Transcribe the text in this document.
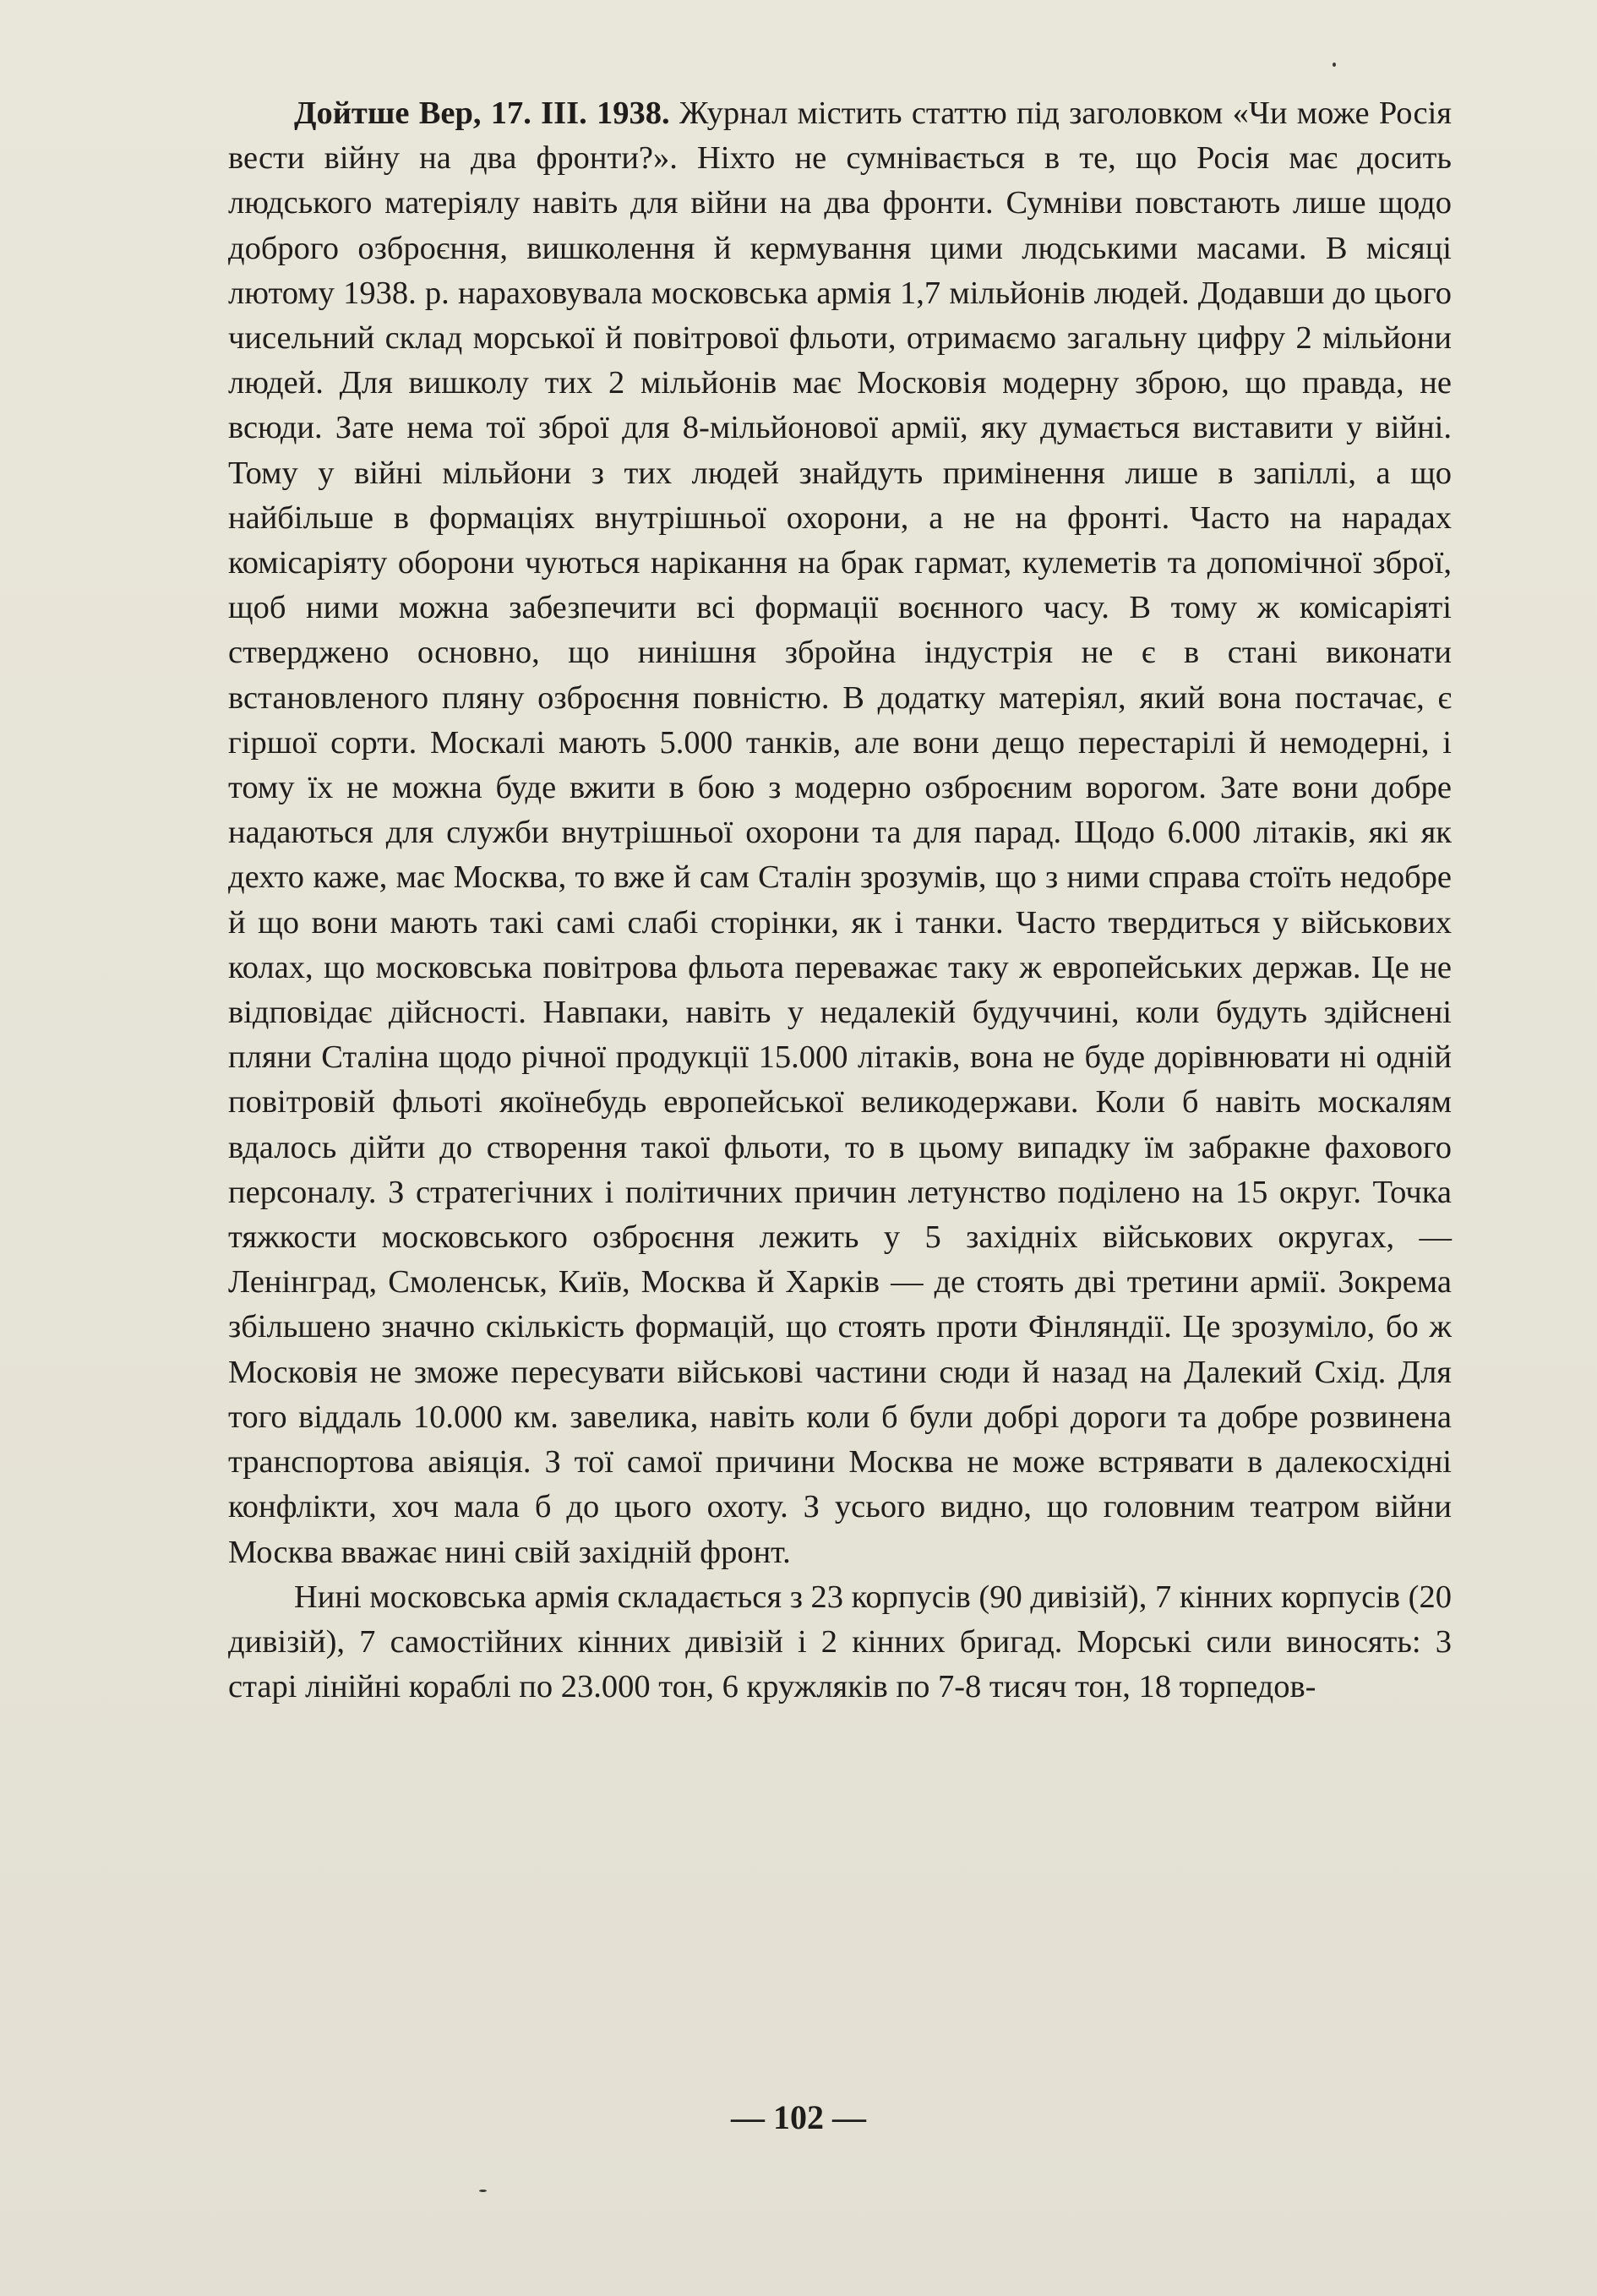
Дойтше Вер, 17. III. 1938. Журнал містить статтю під заголовком «Чи може Росія вести війну на два фронти?». Ніхто не сумнівається в те, що Росія має досить людського матеріялу навіть для війни на два фронти. Сумніви повстають лише щодо доброго озброєння, вишколення й кермування цими людськими масами. В місяці лютому 1938. р. нараховувала московська армія 1,7 мільйонів людей. Додавши до цього чисельний склад морської й повітрової фльоти, отримаємо загальну цифру 2 мільйони людей. Для вишколу тих 2 мільйонів має Московія модерну зброю, що правда, не всюди. Зате нема тої зброї для 8-мільйонової армії, яку думається виставити у війні. Тому у війні мільйони з тих людей знайдуть примінення лише в запіллі, а що найбільше в формаціях внутрішньої охорони, а не на фронті. Часто на нарадах комісаріяту оборони чуються нарікання на брак гармат, кулеметів та допомічної зброї, щоб ними можна забезпечити всі формації воєнного часу. В тому ж комісаріяті стверджено основно, що нинішня збройна індустрія не є в стані виконати встановленого пляну озброєння повністю. В додатку матеріял, який вона постачає, є гіршої сорти. Москалі мають 5.000 танків, але вони дещо перестарілі й немодерні, і тому їх не можна буде вжити в бою з модерно озброєним ворогом. Зате вони добре надаються для служби внутрішньої охорони та для парад. Щодо 6.000 літаків, які як дехто каже, має Москва, то вже й сам Сталін зрозумів, що з ними справа стоїть недобре й що вони мають такі самі слабі сторінки, як і танки. Часто твердиться у військових колах, що московська повітрова фльота переважає таку ж европейських держав. Це не відповідає дійсності. Навпаки, навіть у недалекій будуччині, коли будуть здійснені пляни Сталіна щодо річної продукції 15.000 літаків, вона не буде дорівнювати ні одній повітровій фльоті якоїнебудь европейської великодержави. Коли б навіть москалям вдалось дійти до створення такої фльоти, то в цьому випадку їм забракне фахового персоналу. З стратегічних і політичних причин летунство поділено на 15 округ. Точка тяжкости московського озброєння лежить у 5 західніх військових округах, — Ленінград, Смоленськ, Київ, Москва й Харків — де стоять дві третини армії. Зокрема збільшено значно скількість формацій, що стоять проти Фінляндії. Це зрозуміло, бо ж Московія не зможе пересувати військові частини сюди й назад на Далекий Схід. Для того віддаль 10.000 км. завелика, навіть коли б були добрі дороги та добре розвинена транспортова авіяція. З тої самої причини Москва не може встрявати в далекосхідні конфлікти, хоч мала б до цього охоту. З усього видно, що головним театром війни Москва вважає нині свій західній фронт.

Нині московська армія складається з 23 корпусів (90 дивізій), 7 кінних корпусів (20 дивізій), 7 самостійних кінних дивізій і 2 кінних бригад. Морські сили виносять: 3 старі лінійні кораблі по 23.000 тон, 6 кружляків по 7-8 тисяч тон, 18 торпедов-

— 102 —
